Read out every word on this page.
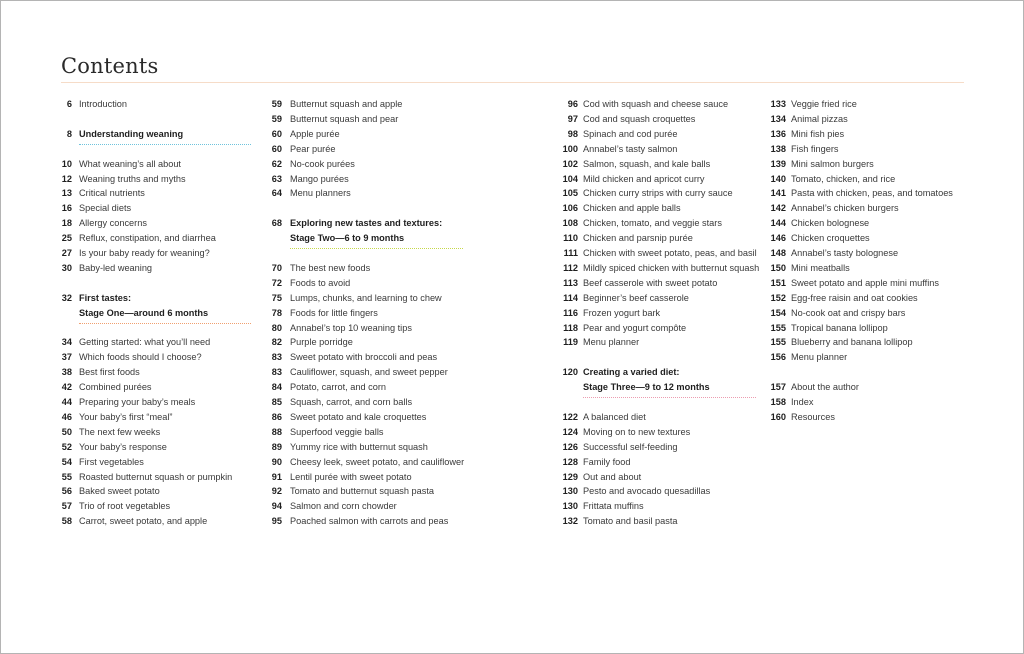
Contents
6 Introduction
8 Understanding weaning
10 What weaning’s all about
12 Weaning truths and myths
13 Critical nutrients
16 Special diets
18 Allergy concerns
25 Reflux, constipation, and diarrhea
27 Is your baby ready for weaning?
30 Baby-led weaning
32 First tastes:
Stage One—around 6 months
34 Getting started: what you’ll need
37 Which foods should I choose?
38 Best first foods
42 Combined purées
44 Preparing your baby’s meals
46 Your baby’s first “meal”
50 The next few weeks
52 Your baby’s response
54 First vegetables
55 Roasted butternut squash or pumpkin
56 Baked sweet potato
57 Trio of root vegetables
58 Carrot, sweet potato, and apple
59 Butternut squash and apple
59 Butternut squash and pear
60 Apple purée
60 Pear purée
62 No-cook purées
63 Mango purées
64 Menu planners
68 Exploring new tastes and textures:
Stage Two—6 to 9 months
70 The best new foods
72 Foods to avoid
75 Lumps, chunks, and learning to chew
78 Foods for little fingers
80 Annabel’s top 10 weaning tips
82 Purple porridge
83 Sweet potato with broccoli and peas
83 Cauliflower, squash, and sweet pepper
84 Potato, carrot, and corn
85 Squash, carrot, and corn balls
86 Sweet potato and kale croquettes
88 Superfood veggie balls
89 Yummy rice with butternut squash
90 Cheesy leek, sweet potato, and cauliflower
91 Lentil purée with sweet potato
92 Tomato and butternut squash pasta
94 Salmon and corn chowder
95 Poached salmon with carrots and peas
96 Cod with squash and cheese sauce
97 Cod and squash croquettes
98 Spinach and cod purée
100 Annabel’s tasty salmon
102 Salmon, squash, and kale balls
104 Mild chicken and apricot curry
105 Chicken curry strips with curry sauce
106 Chicken and apple balls
108 Chicken, tomato, and veggie stars
110 Chicken and parsnip purée
111 Chicken with sweet potato, peas, and basil
112 Mildly spiced chicken with butternut squash
113 Beef casserole with sweet potato
114 Beginner’s beef casserole
116 Frozen yogurt bark
118 Pear and yogurt compôte
119 Menu planner
120 Creating a varied diet:
Stage Three—9 to 12 months
122 A balanced diet
124 Moving on to new textures
126 Successful self-feeding
128 Family food
129 Out and about
130 Pesto and avocado quesadillas
130 Frittata muffins
132 Tomato and basil pasta
133 Veggie fried rice
134 Animal pizzas
136 Mini fish pies
138 Fish fingers
139 Mini salmon burgers
140 Tomato, chicken, and rice
141 Pasta with chicken, peas, and tomatoes
142 Annabel’s chicken burgers
144 Chicken bolognese
146 Chicken croquettes
148 Annabel’s tasty bolognese
150 Mini meatballs
151 Sweet potato and apple mini muffins
152 Egg-free raisin and oat cookies
154 No-cook oat and crispy bars
155 Tropical banana lollipop
155 Blueberry and banana lollipop
156 Menu planner
157 About the author
158 Index
160 Resources
